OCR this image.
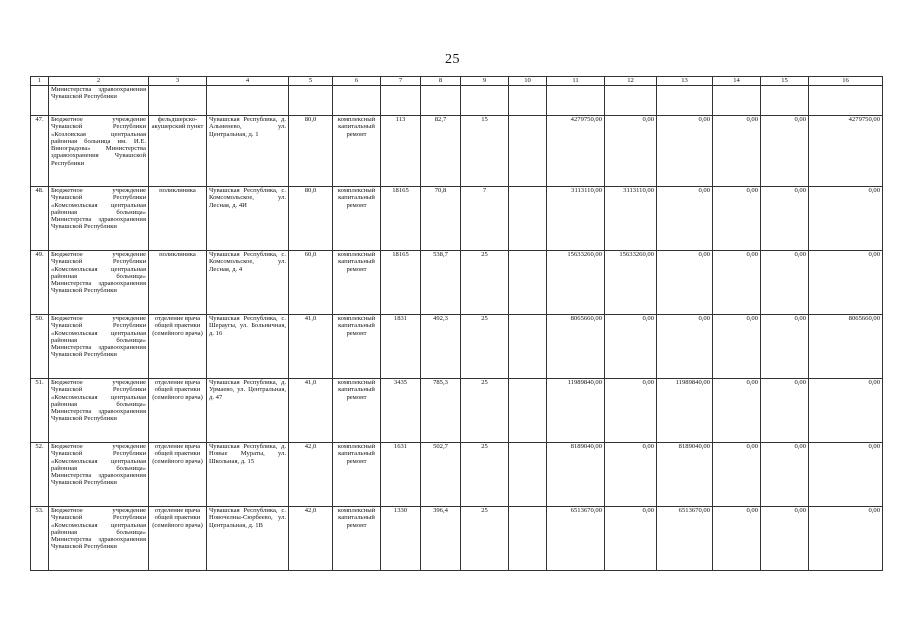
25
1	2	3	4	5	6	7	8	9	10	11	12	13	14	15	16
	Министерства здравоохранения Чувашской Республики														
47.	Бюджетное учреждение Чувашской Республики «Козловская центральная районная больница им. И.Е. Виноградова» Министерства здравоохранения Чувашской Республики	фельдшерско-акушерский пункт	Чувашская Республика, д. Альменево, ул. Центральная, д. 1	80,0	комплексный капитальный ремонт	113	82,7	15		4279750,00	0,00	0,00	0,00	0,00	4279750,00
48.	Бюджетное учреждение Чувашской Республики «Комсомольская центральная районная больница» Министерства здравоохранения Чувашской Республики	поликлиника	Чувашская Республика, с. Комсомольское, ул. Лесная, д. 4И	80,0	комплексный капитальный ремонт	18165	70,8	7		3113110,00	3113110,00	0,00	0,00	0,00	0,00
49.	Бюджетное учреждение Чувашской Республики «Комсомольская центральная районная больница» Министерства здравоохранения Чувашской Республики	поликлиника	Чувашская Республика, с. Комсомольское, ул. Лесная, д. 4	60,0	комплексный капитальный ремонт	18165	538,7	25		15633260,00	15633260,00	0,00	0,00	0,00	0,00
50.	Бюджетное учреждение Чувашской Республики «Комсомольская центральная районная больница» Министерства здравоохранения Чувашской Республики	отделение врача общей практики (семейного врача)	Чувашская Республика, с. Шераугы, ул. Больничная, д. 16	41,0	комплексный капитальный ремонт	1831	492,3	25		8065660,00	0,00	0,00	0,00	0,00	8065660,00
51.	Бюджетное учреждение Чувашской Республики «Комсомольская центральная районная больница» Министерства здравоохранения Чувашской Республики	отделение врача общей практики (семейного врача)	Чувашская Республика, д. Урмаево, ул. Центральная, д. 47	41,0	комплексный капитальный ремонт	3435	785,3	25		11989840,00	0,00	11989840,00	0,00	0,00	0,00
52.	Бюджетное учреждение Чувашской Республики «Комсомольская центральная районная больница» Министерства здравоохранения Чувашской Республики	отделение врача общей практики (семейного врача)	Чувашская Республика, д. Новые Мураты, ул. Школьная, д. 15	42,0	комплексный капитальный ремонт	1631	502,7	25		8189040,00	0,00	8189040,00	0,00	0,00	0,00
53.	Бюджетное учреждение Чувашской Республики «Комсомольская центральная районная больница» Министерства здравоохранения Чувашской Республики	отделение врача общей практики (семейного врача)	Чувашская Республика, с. Новочелны-Сюрбеево, ул. Центральная, д. 1В	42,0	комплексный капитальный ремонт	1330	396,4	25		6513670,00	0,00	6513670,00	0,00	0,00	0,00
